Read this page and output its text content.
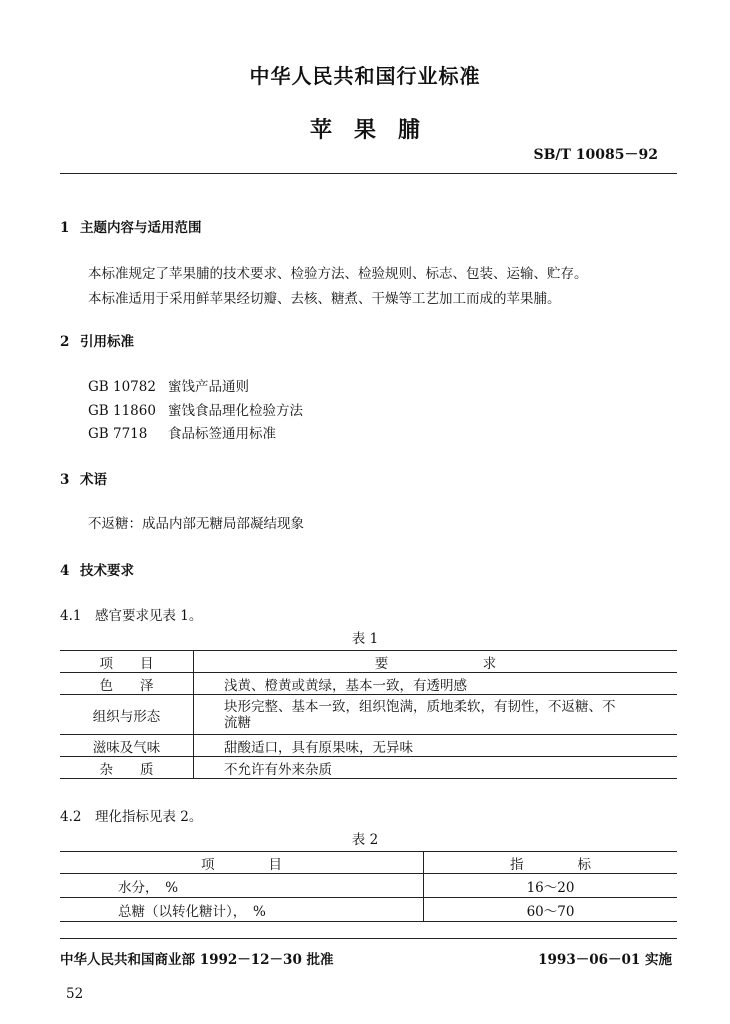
中华人民共和国行业标准
苹果脯
SB/T 10085－92
1 主题内容与适用范围
本标准规定了苹果脯的技术要求、检验方法、检验规则、标志、包装、运输、贮存。
本标准适用于采用鲜苹果经切瓣、去核、糖煮、干燥等工艺加工而成的苹果脯。
2 引用标准
GB 10782 蜜饯产品通则
GB 11860 蜜饯食品理化检验方法
GB 7718 食品标签通用标准
3 术语
不返糖：成品内部无糖局部凝结现象
4 技术要求
4.1　感官要求见表 1。
表 1
项　　目	要　　　　　　　求
色　　泽	浅黄、橙黄或黄绿，基本一致，有透明感
组织与形态	块形完整、基本一致，组织饱满，质地柔软，有韧性，不返糖、不流糖
滋味及气味	甜酸适口，具有原果味，无异味
杂　　质	不允许有外来杂质
4.2　理化指标见表 2。
表 2
项　　　　目	指　　　　标
水分，　%	16～20
总糖（以转化糖计），　%	60～70
中华人民共和国商业部 1992－12－30 批准	1993－06－01 实施
52
